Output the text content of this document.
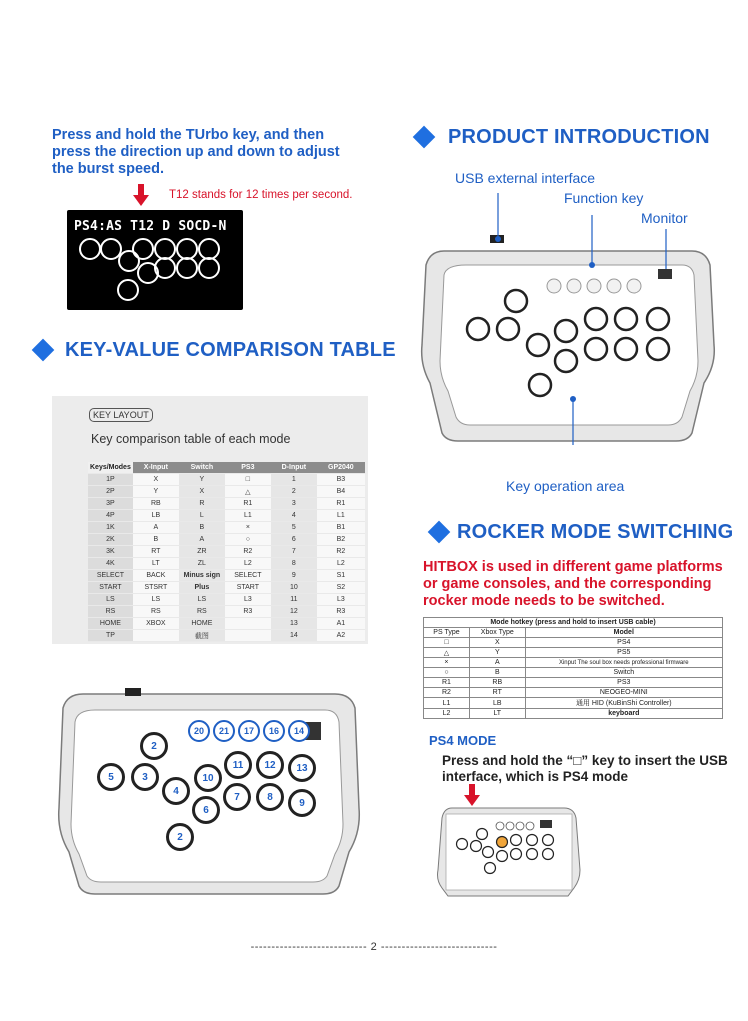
Press and hold the TUrbo key, and then press the direction up and down to adjust the burst speed.
T12 stands for 12 times per second.
PS4:AS T12 D SOCD-N
KEY-VALUE COMPARISON TABLE
KEY LAYOUT
Key comparison table of each mode
Keys/Modes	X-Input	Switch	PS3	D-Input	GP2040
1P	X	Y	□	1	B3
2P	Y	X	△	2	B4
3P	RB	R	R1	3	R1
4P	LB	L	L1	4	L1
1K	A	B	×	5	B1
2K	B	A	○	6	B2
3K	RT	ZR	R2	7	R2
4K	LT	ZL	L2	8	L2
SELECT	BACK	Minus sign	SELECT	9	S1
START	STSRT	Plus	START	10	S2
LS	LS	LS	L3	11	L3
RS	RS	RS	R3	12	R3
HOME	XBOX	HOME		13	A1
TP		截图		14	A2
PRODUCT INTRODUCTION
USB external interface
Function key
Monitor
Key operation area
ROCKER MODE SWITCHING
HITBOX is used in different game platforms or game consoles, and the corresponding rocker mode needs to be switched.
Mode hotkey (press and hold to insert USB cable)		
PS Type	Xbox Type	Model
□	X	PS4
△	Y	PS5
×	A	Xinput The soul box needs professional firmware
○	B	Switch
R1	RB	PS3
R2	RT	NEOGEO-MINI
L1	LB	通用 HID (KuBinShi Controller)
L2	LT	keyboard
PS4 MODE
Press and hold the “□” key to insert the USB interface, which is PS4 mode
20	21	17	16	14
2
5	3
4
2
6
10
11
7
12
8
13
9
---------------------------- 2 ----------------------------
